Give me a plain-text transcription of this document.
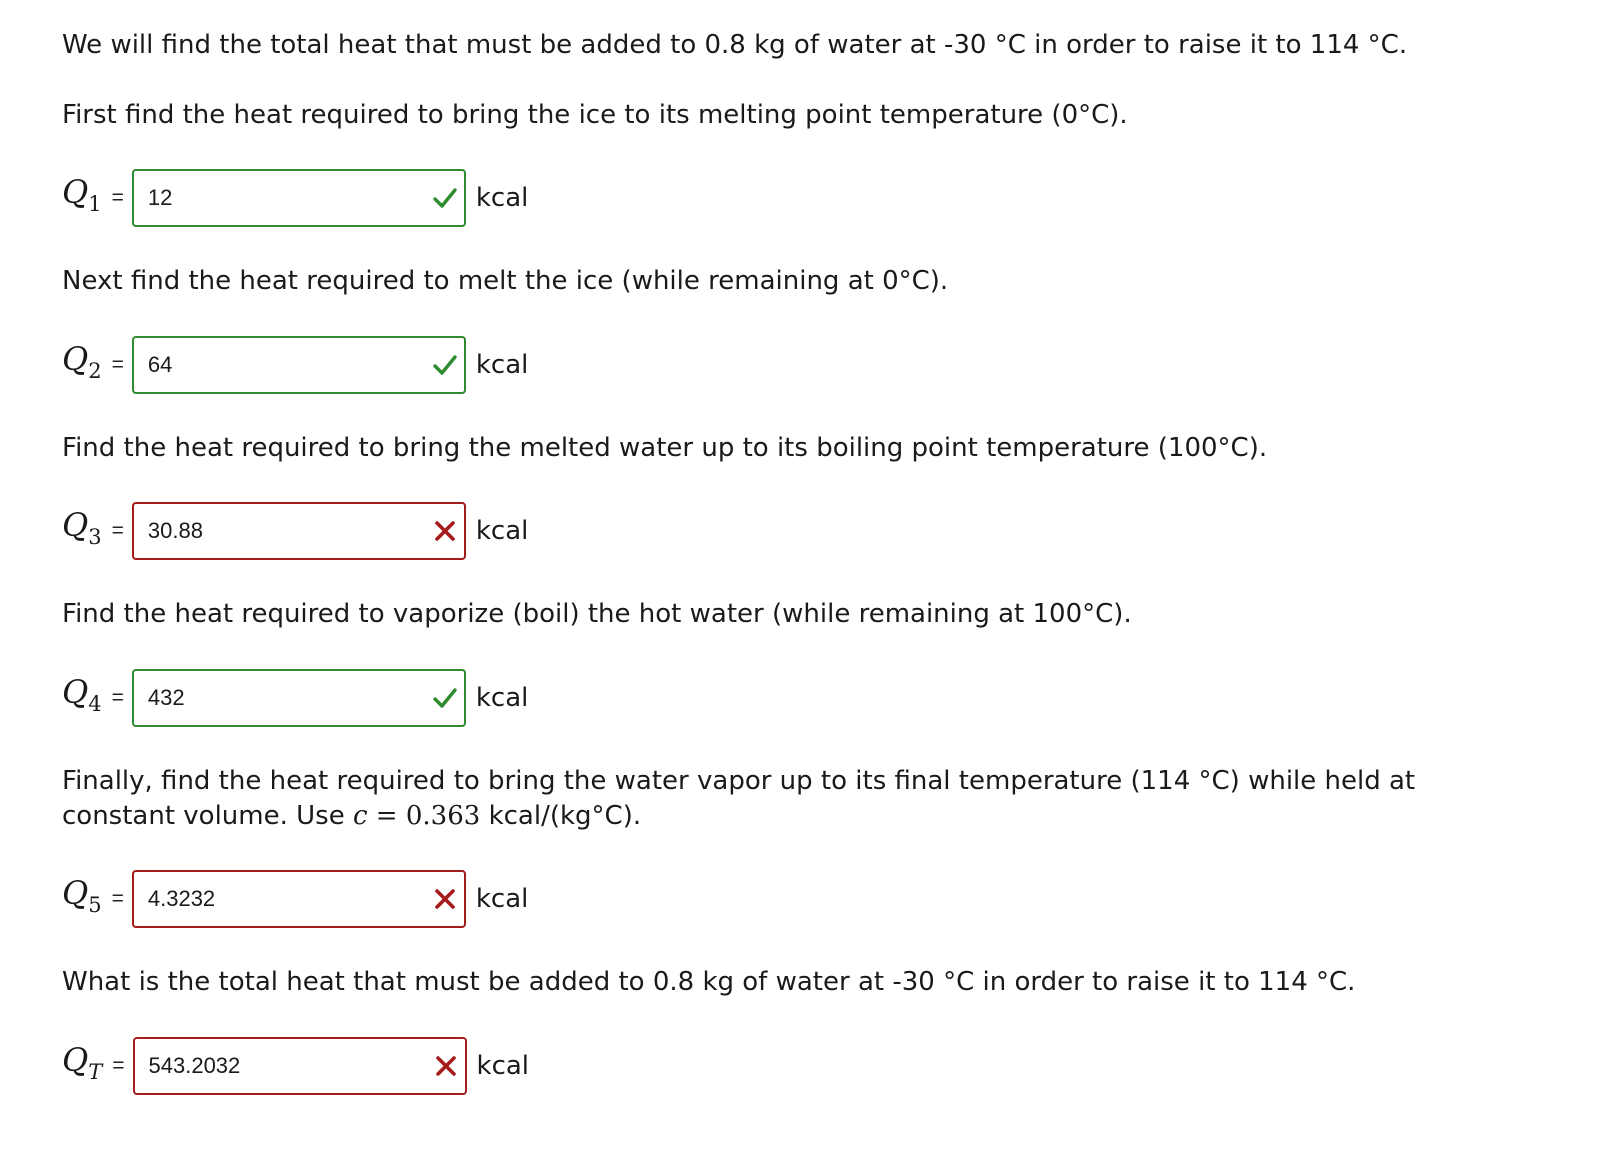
We will find the total heat that must be added to 0.8 kg of water at -30 °C in order to raise it to 114 °C.
First find the heat required to bring the ice to its melting point temperature (0°C).
$Q_1$ =
12	kcal
Next find the heat required to melt the ice (while remaining at 0°C).
$Q_2$ =
64	kcal
Find the heat required to bring the melted water up to its boiling point temperature (100°C).
$Q_3$ =
30.88	kcal
Find the heat required to vaporize (boil) the hot water (while remaining at 100°C).
$Q_4$ =
432	kcal
Finally, find the heat required to bring the water vapor up to its final temperature (114 °C) while held at
constant volume. Use c = 0.363 kcal/(kg°C).
$Q_5$ =
4.3232	kcal
What is the total heat that must be added to 0.8 kg of water at -30 °C in order to raise it to 114 °C.
$Q_T$ =
543.2032	kcal
